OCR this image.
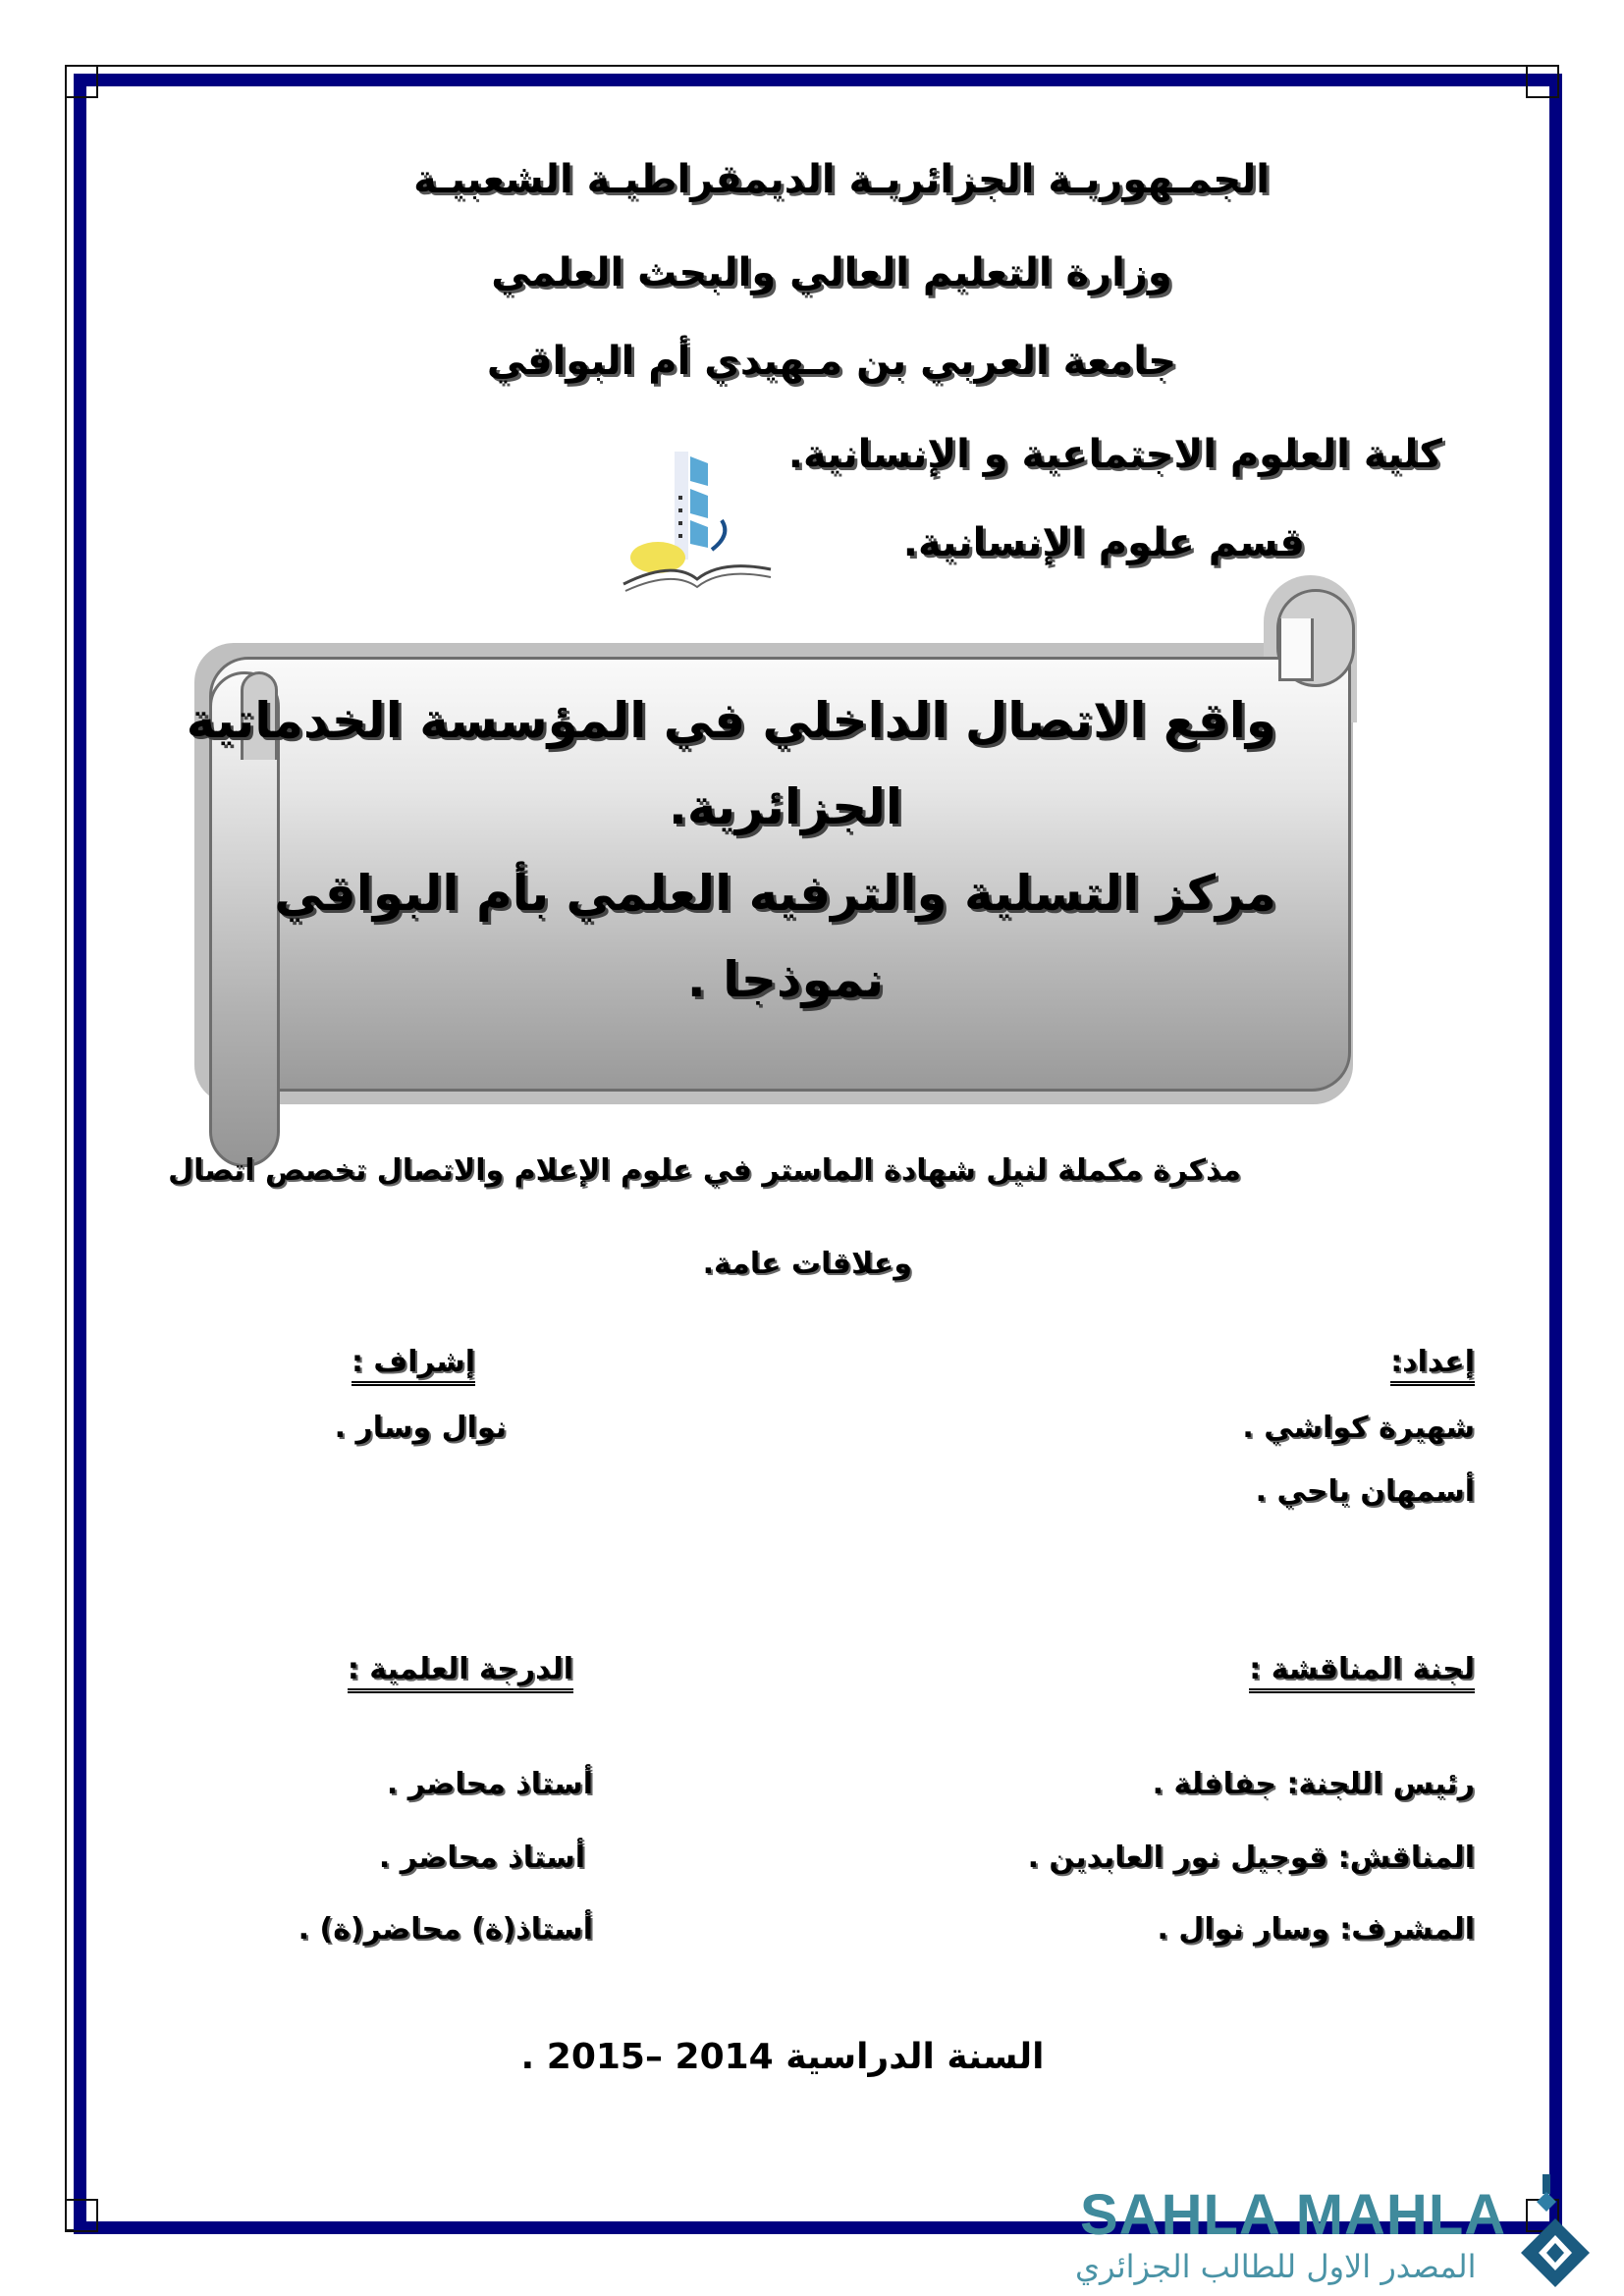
الجمـهوريـة الجزائريـة الديمقراطيـة الشعبيـة
وزارة التعليم العالي والبحث العلمي
جامعة العربي بن مـهيدي أم البواقي
كلية العلوم الاجتماعية و الإنسانية.
قسم علوم الإنسانية.
واقع الاتصال الداخلي في المؤسسة الخدماتية
الجزائرية.
مركز التسلية والترفيه العلمي بأم البواقي
نموذجا .
مذكرة مكملة لنيل شهادة الماستر في علوم الإعلام والاتصال تخصص اتصال
وعلاقات عامة.
إعداد:
إشراف :
شهيرة كواشي .
نوال وسار .
أسمهان ياحي .
لجنة المناقشة :
الدرجة العلمية :
رئيس اللجنة: جفافلة .
أستاذ محاضر .
المناقش: قوجيل نور العابدين .
أستاذ محاضر .
المشرف: وسار نوال .
أستاذ(ة) محاضر(ة) .
السنة الدراسية 2014 –2015 .
SAHLA MAHLA
المصدر الاول للطالب الجزائري
